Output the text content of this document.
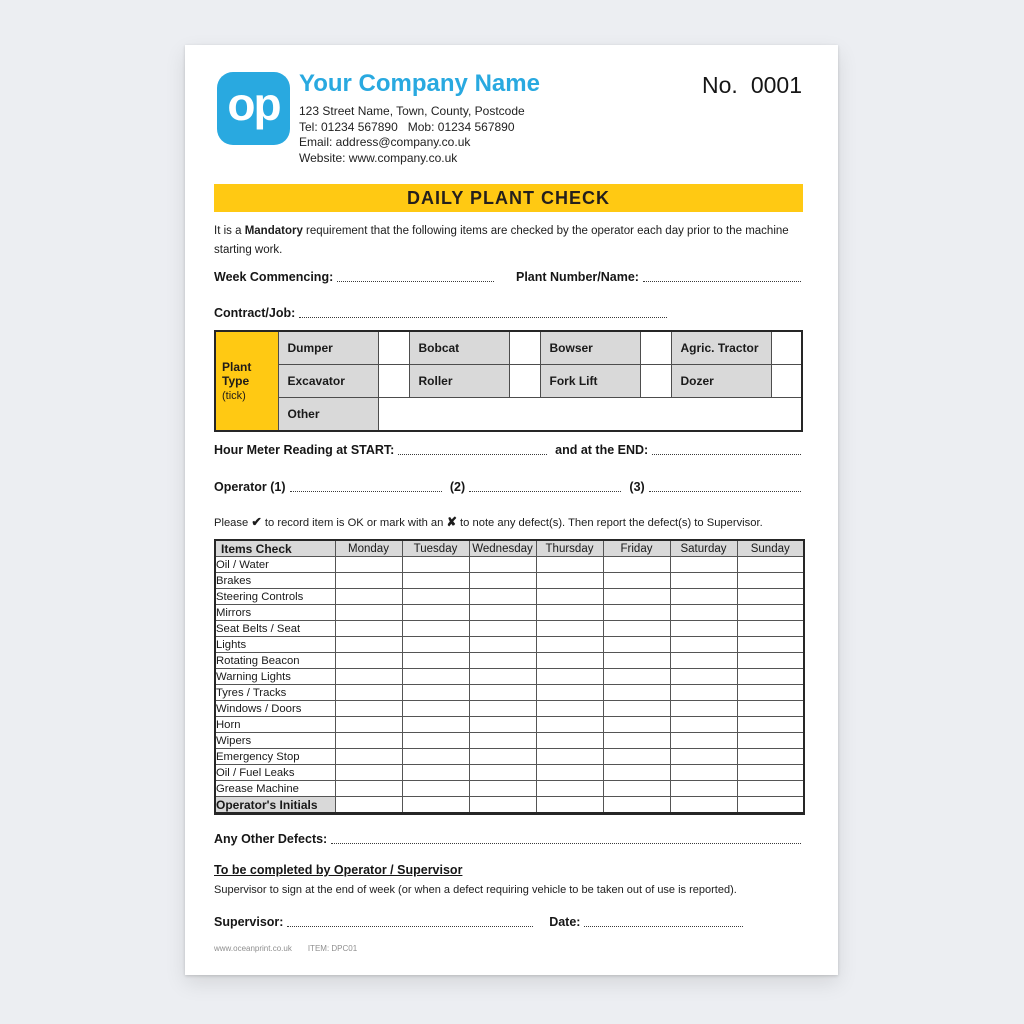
op Your Company Name
123 Street Name, Town, County, Postcode
Tel: 01234 567890 Mob: 01234 567890
Email: address@company.co.uk
Website: www.company.co.uk
No. 0001
DAILY PLANT CHECK
It is a Mandatory requirement that the following items are checked by the operator each day prior to the machine starting work.
Week Commencing:	Plant Number/Name:
Contract/Job:
Plant Type
(tick)	Dumper		Bobcat		Bowser		Agric. Tractor	
	Excavator		Roller		Fork Lift		Dozer	
	Other							
Hour Meter Reading at START:	and at the END:
Operator (1)	(2)	(3)
Please ✔ to record item is OK or mark with an ✘ to note any defect(s). Then report the defect(s) to Supervisor.
Items Check	Monday	Tuesday	Wednesday	Thursday	Friday	Saturday	Sunday
Oil / Water							
Brakes							
Steering Controls							
Mirrors							
Seat Belts / Seat							
Lights							
Rotating Beacon							
Warning Lights							
Tyres / Tracks							
Windows / Doors							
Horn							
Wipers							
Emergency Stop							
Oil / Fuel Leaks							
Grease Machine							
Operator's Initials							
Any Other Defects:
To be completed by Operator / Supervisor
Supervisor to sign at the end of week (or when a defect requiring vehicle to be taken out of use is reported).
Supervisor:	Date:
www.oceanprint.co.uk ITEM: DPC01
